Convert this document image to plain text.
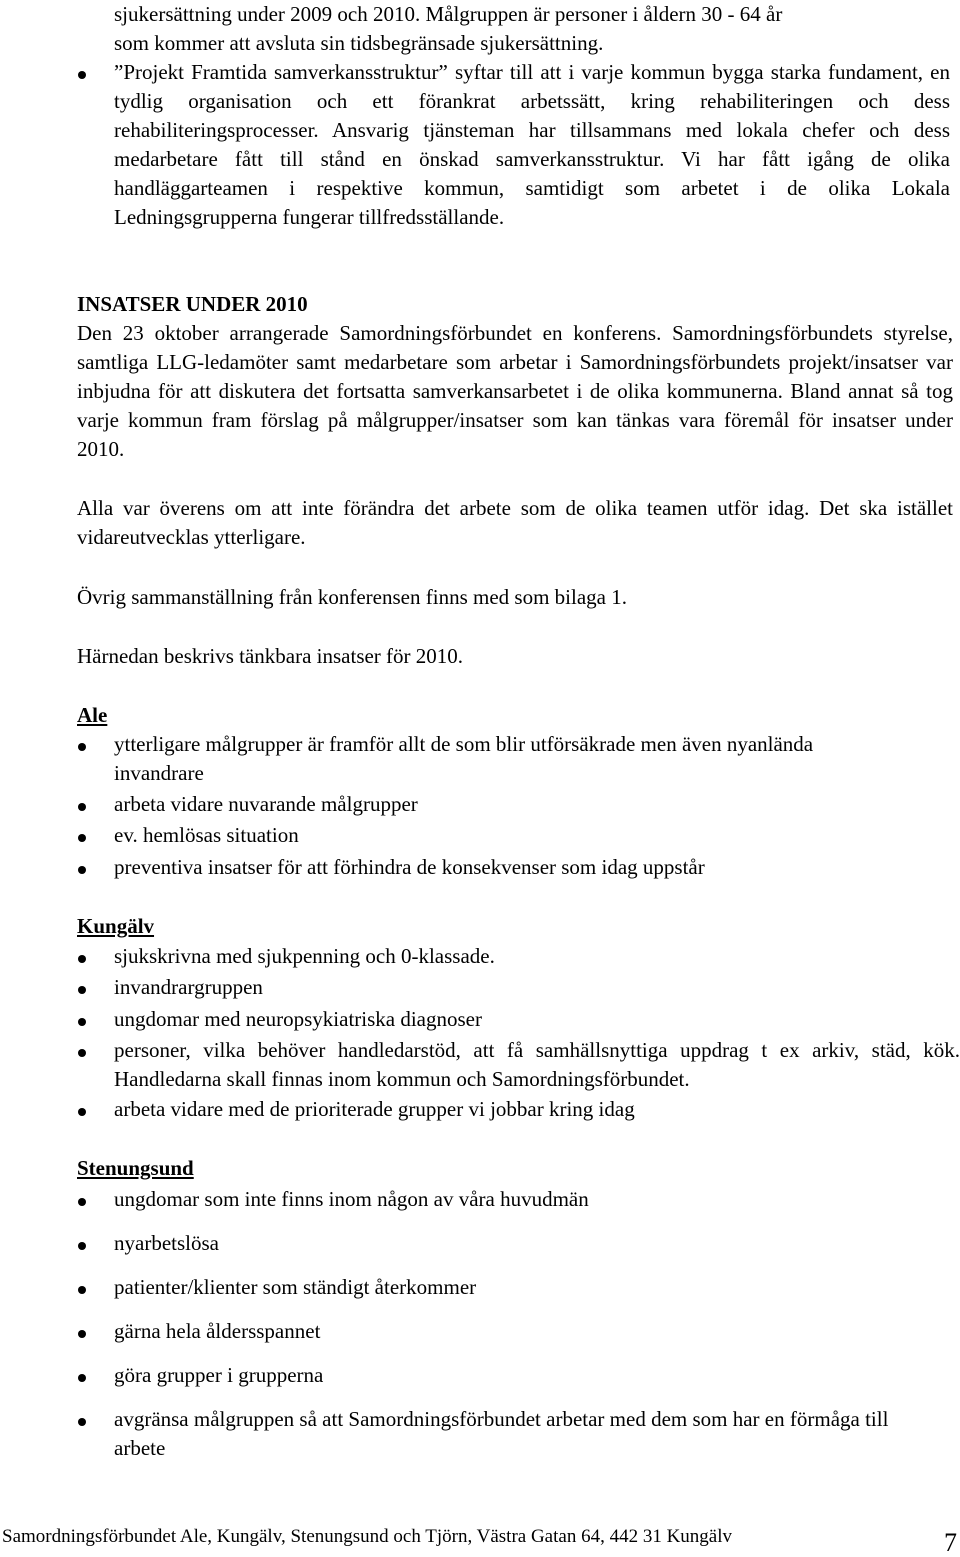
sjukersättning under 2009 och 2010. Målgruppen är personer i åldern 30 - 64 år
som kommer att avsluta sin tidsbegränsade sjukersättning.
”Projekt Framtida samverkansstruktur” syftar till att i varje kommun bygga starka fundament, en tydlig organisation och ett förankrat arbetssätt, kring rehabiliteringen och dess rehabiliteringsprocesser. Ansvarig tjänsteman har tillsammans med lokala chefer och dess medarbetare fått till stånd en önskad samverkansstruktur. Vi har fått igång de olika handläggarteamen i respektive kommun, samtidigt som arbetet i de olika Lokala Ledningsgrupperna fungerar tillfredsställande.
INSATSER UNDER 2010
Den 23 oktober arrangerade Samordningsförbundet en konferens. Samordningsförbundets styrelse, samtliga LLG-ledamöter samt medarbetare som arbetar i Samordningsförbundets projekt/insatser var inbjudna för att diskutera det fortsatta samverkansarbetet i de olika kommunerna. Bland annat så tog varje kommun fram förslag på målgrupper/insatser som kan tänkas vara föremål för insatser under 2010.
Alla var överens om att inte förändra det arbete som de olika teamen utför idag. Det ska istället vidareutvecklas ytterligare.
Övrig sammanställning från konferensen finns med som bilaga 1.
Härnedan beskrivs tänkbara insatser för 2010.
Ale
ytterligare målgrupper är framför allt de som blir utförsäkrade men även nyanlända invandrare
arbeta vidare nuvarande målgrupper
ev. hemlösas situation
preventiva insatser för att förhindra de konsekvenser som idag uppstår
Kungälv
sjukskrivna med sjukpenning och 0-klassade.
invandrargruppen
ungdomar med neuropsykiatriska diagnoser
personer, vilka behöver handledarstöd, att få samhällsnyttiga uppdrag t ex arkiv, städ, kök. Handledarna skall finnas inom kommun och Samordningsförbundet.
arbeta vidare med de prioriterade grupper vi jobbar kring idag
Stenungsund
ungdomar som inte finns inom någon av våra huvudmän
nyarbetslösa
patienter/klienter som ständigt återkommer
gärna hela åldersspannet
göra grupper i grupperna
avgränsa målgruppen så att Samordningsförbundet arbetar med dem som har en förmåga till arbete
Samordningsförbundet Ale, Kungälv, Stenungsund och Tjörn, Västra Gatan 64, 442 31 Kungälv	7
